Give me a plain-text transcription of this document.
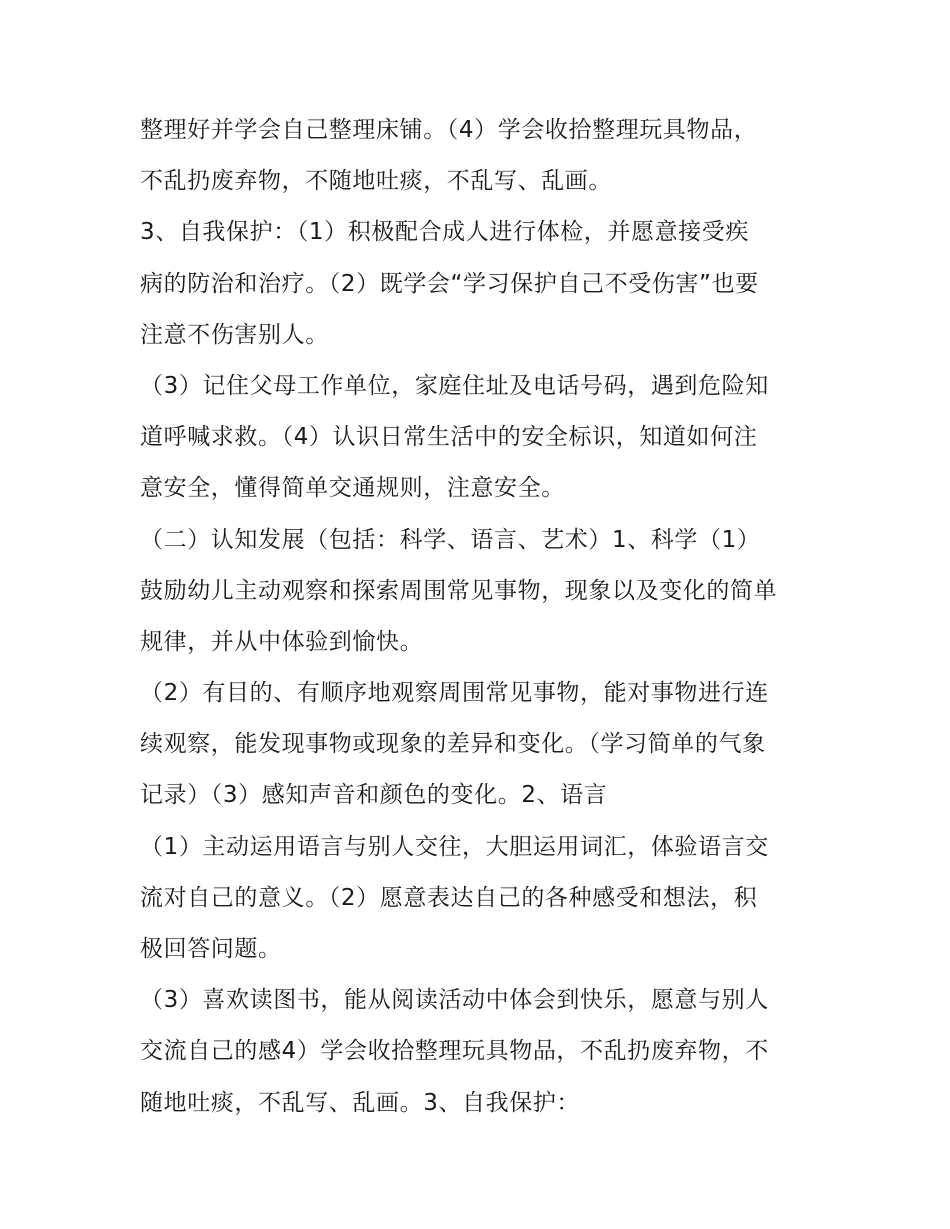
整理好并学会自己整理床铺。（4）学会收拾整理玩具物品，
不乱扔废弃物，不随地吐痰，不乱写、乱画。
3、自我保护：（1）积极配合成人进行体检，并愿意接受疾
病的防治和治疗。（2）既学会“学习保护自己不受伤害”也要
注意不伤害别人。
（3）记住父母工作单位，家庭住址及电话号码，遇到危险知
道呼喊求救。（4）认识日常生活中的安全标识，知道如何注
意安全，懂得简单交通规则，注意安全。
（二）认知发展（包括：科学、语言、艺术）1、科学（1）
鼓励幼儿主动观察和探索周围常见事物，现象以及变化的简单
规律，并从中体验到愉快。
（2）有目的、有顺序地观察周围常见事物，能对事物进行连
续观察，能发现事物或现象的差异和变化。（学习简单的气象
记录）（3）感知声音和颜色的变化。2、语言
（1）主动运用语言与别人交往，大胆运用词汇，体验语言交
流对自己的意义。（2）愿意表达自己的各种感受和想法，积
极回答问题。
（3）喜欢读图书，能从阅读活动中体会到快乐，愿意与别人
交流自己的感4）学会收拾整理玩具物品，不乱扔废弃物，不
随地吐痰，不乱写、乱画。3、自我保护：
